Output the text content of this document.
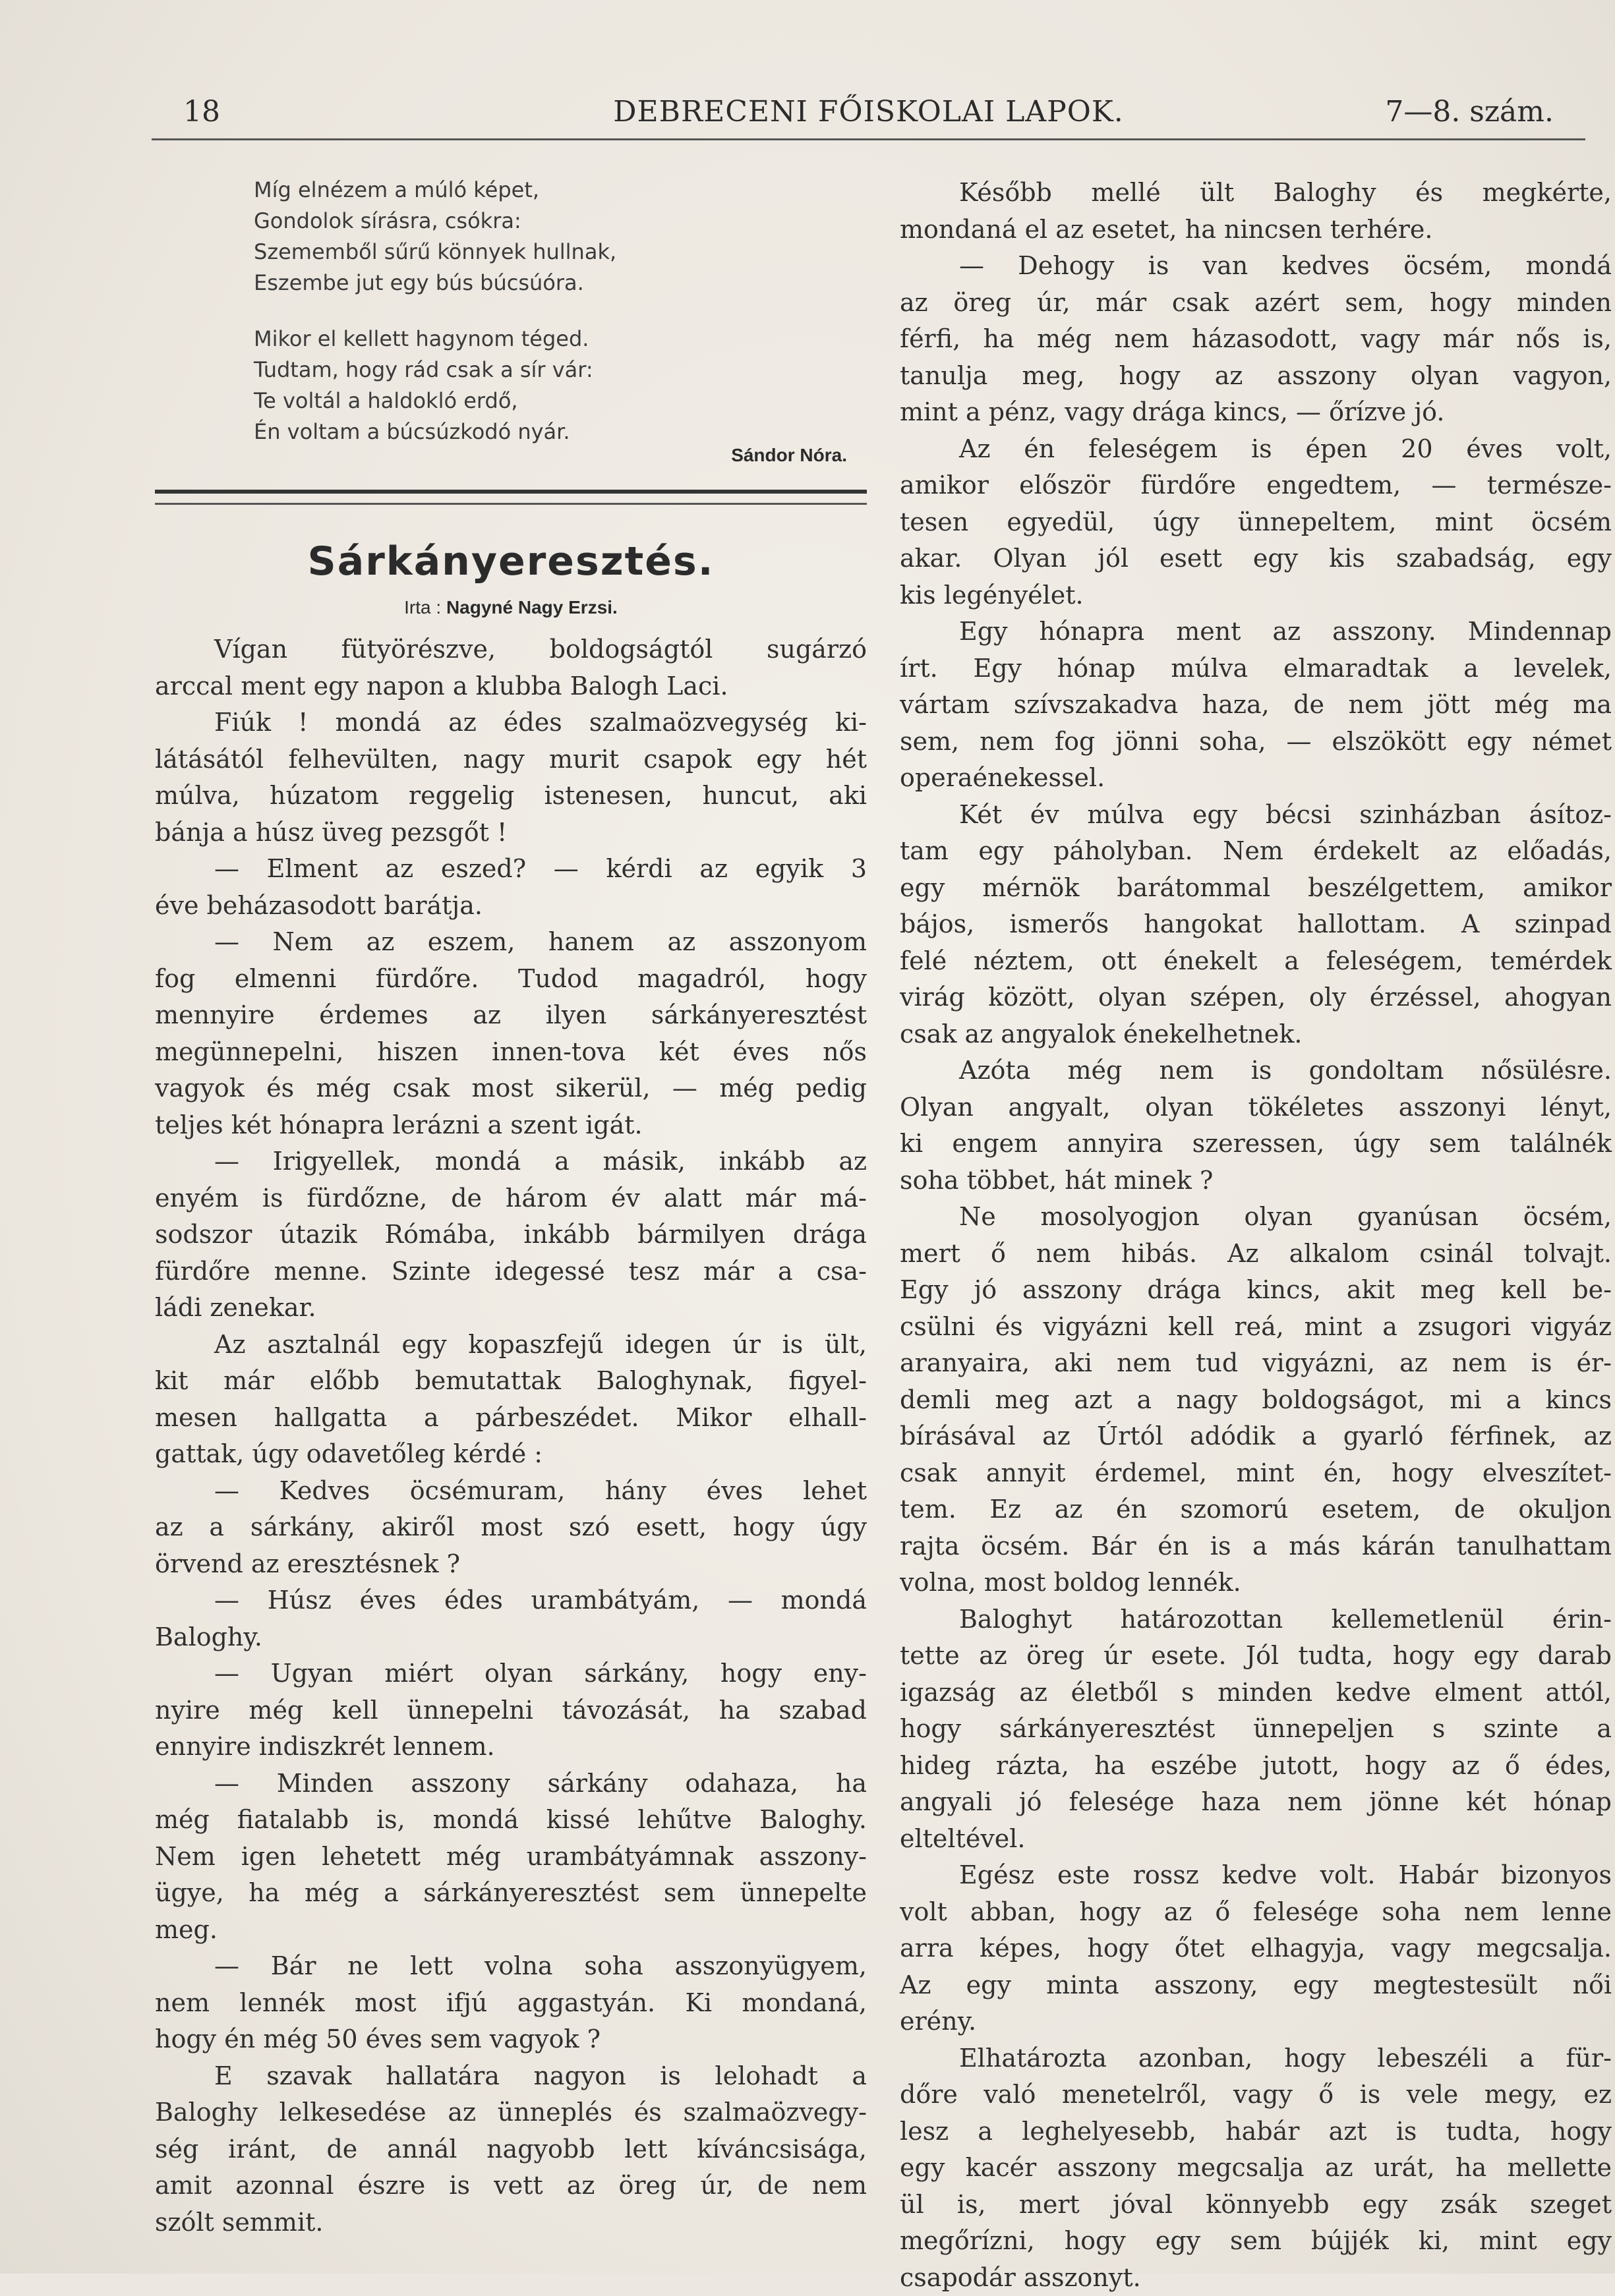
18	DEBRECENI FŐISKOLAI LAPOK.	7—8. szám.
Míg elnézem a múló képet,
Gondolok sírásra, csókra:
Szememből sűrű könnyek hullnak,
Eszembe jut egy bús búcsúóra.
Mikor el kellett hagynom téged.
Tudtam, hogy rád csak a sír vár:
Te voltál a haldokló erdő,
Én voltam a búcsúzkodó nyár.
Sándor Nóra.
Sárkányeresztés.
Irta : Nagyné Nagy Erzsi.

Vígan fütyörészve, boldogságtól sugárzó
arccal ment egy napon a klubba Balogh Laci.

Fiúk ! mondá az édes szalmaözvegység ki-
látásától felhevülten, nagy murit csapok egy hét
múlva, húzatom reggelig istenesen, huncut, aki
bánja a húsz üveg pezsgőt !

— Elment az eszed? — kérdi az egyik 3
éve beházasodott barátja.

— Nem az eszem, hanem az asszonyom
fog elmenni fürdőre. Tudod magadról, hogy
mennyire érdemes az ilyen sárkányeresztést
megünnepelni, hiszen innen-tova két éves nős
vagyok és még csak most sikerül, — még pedig
teljes két hónapra lerázni a szent igát.

— Irigyellek, mondá a másik, inkább az
enyém is fürdőzne, de három év alatt már má-
sodszor útazik Rómába, inkább bármilyen drága
fürdőre menne. Szinte idegessé tesz már a csa-
ládi zenekar.

Az asztalnál egy kopaszfejű idegen úr is ült,
kit már előbb bemutattak Baloghynak, figyel-
mesen hallgatta a párbeszédet. Mikor elhall-
gattak, úgy odavetőleg kérdé :

— Kedves öcsémuram, hány éves lehet
az a sárkány, akiről most szó esett, hogy úgy
örvend az eresztésnek ?

— Húsz éves édes urambátyám, — mondá
Baloghy.

— Ugyan miért olyan sárkány, hogy eny-
nyire még kell ünnepelni távozását, ha szabad
ennyire indiszkrét lennem.

— Minden asszony sárkány odahaza, ha
még fiatalabb is, mondá kissé lehűtve Baloghy.
Nem igen lehetett még urambátyámnak asszony-
ügye, ha még a sárkányeresztést sem ünnepelte
meg.

— Bár ne lett volna soha asszonyügyem,
nem lennék most ifjú aggastyán. Ki mondaná,
hogy én még 50 éves sem vagyok ?

E szavak hallatára nagyon is lelohadt a
Baloghy lelkesedése az ünneplés és szalmaözvegy-
ség iránt, de annál nagyobb lett kíváncsisága,
amit azonnal észre is vett az öreg úr, de nem
szólt semmit.

Később mellé ült Baloghy és megkérte,
mondaná el az esetet, ha nincsen terhére.

— Dehogy is van kedves öcsém, mondá
az öreg úr, már csak azért sem, hogy minden
férfi, ha még nem házasodott, vagy már nős is,
tanulja meg, hogy az asszony olyan vagyon,
mint a pénz, vagy drága kincs, — őrízve jó.

Az én feleségem is épen 20 éves volt,
amikor először fürdőre engedtem, — természe-
tesen egyedül, úgy ünnepeltem, mint öcsém
akar. Olyan jól esett egy kis szabadság, egy
kis legényélet.

Egy hónapra ment az asszony. Mindennap
írt. Egy hónap múlva elmaradtak a levelek,
vártam szívszakadva haza, de nem jött még ma
sem, nem fog jönni soha, — elszökött egy német
operaénekessel.

Két év múlva egy bécsi szinházban ásítoz-
tam egy páholyban. Nem érdekelt az előadás,
egy mérnök barátommal beszélgettem, amikor
bájos, ismerős hangokat hallottam. A szinpad
felé néztem, ott énekelt a feleségem, temérdek
virág között, olyan szépen, oly érzéssel, ahogyan
csak az angyalok énekelhetnek.

Azóta még nem is gondoltam nősülésre.
Olyan angyalt, olyan tökéletes asszonyi lényt,
ki engem annyira szeressen, úgy sem találnék
soha többet, hát minek ?

Ne mosolyogjon olyan gyanúsan öcsém,
mert ő nem hibás. Az alkalom csinál tolvajt.
Egy jó asszony drága kincs, akit meg kell be-
csülni és vigyázni kell reá, mint a zsugori vigyáz
aranyaira, aki nem tud vigyázni, az nem is ér-
demli meg azt a nagy boldogságot, mi a kincs
bírásával az Úrtól adódik a gyarló férfinek, az
csak annyit érdemel, mint én, hogy elveszítet-
tem. Ez az én szomorú esetem, de okuljon
rajta öcsém. Bár én is a más kárán tanulhattam
volna, most boldog lennék.

Baloghyt határozottan kellemetlenül érin-
tette az öreg úr esete. Jól tudta, hogy egy darab
igazság az életből s minden kedve elment attól,
hogy sárkányeresztést ünnepeljen s szinte a
hideg rázta, ha eszébe jutott, hogy az ő édes,
angyali jó felesége haza nem jönne két hónap
elteltével.

Egész este rossz kedve volt. Habár bizonyos
volt abban, hogy az ő felesége soha nem lenne
arra képes, hogy őtet elhagyja, vagy megcsalja.
Az egy minta asszony, egy megtestesült női
erény.

Elhatározta azonban, hogy lebeszéli a für-
dőre való menetelről, vagy ő is vele megy, ez
lesz a leghelyesebb, habár azt is tudta, hogy
egy kacér asszony megcsalja az urát, ha mellette
ül is, mert jóval könnyebb egy zsák szeget
megőrízni, hogy egy sem bújjék ki, mint egy
csapodár asszonyt.
